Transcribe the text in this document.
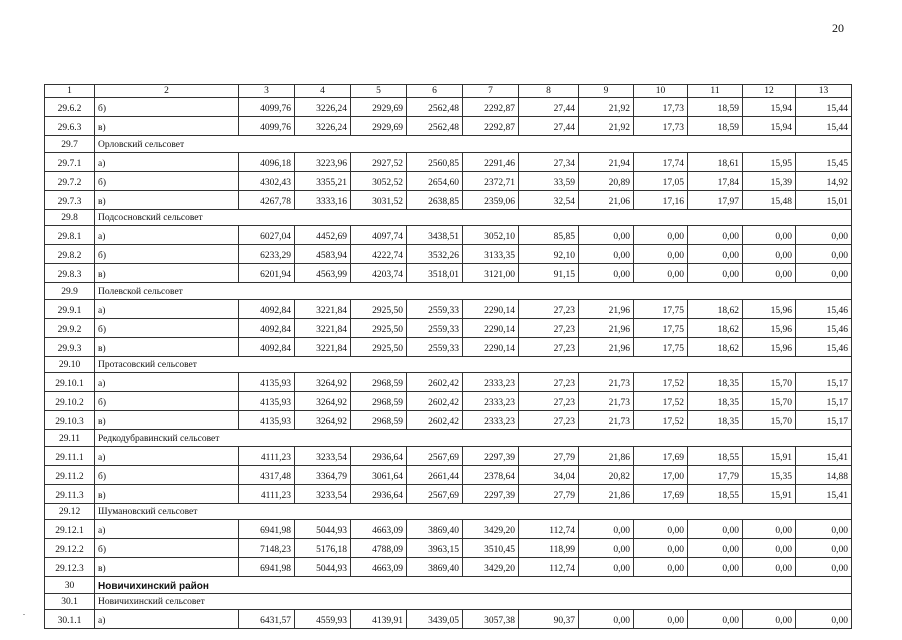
20
1	2	3	4	5	6	7	8	9	10	11	12	13
29.6.2	б)	4099,76	3226,24	2929,69	2562,48	2292,87	27,44	21,92	17,73	18,59	15,94	15,44
29.6.3	в)	4099,76	3226,24	2929,69	2562,48	2292,87	27,44	21,92	17,73	18,59	15,94	15,44
29.7	Орловский сельсовет											
29.7.1	а)	4096,18	3223,96	2927,52	2560,85	2291,46	27,34	21,94	17,74	18,61	15,95	15,45
29.7.2	б)	4302,43	3355,21	3052,52	2654,60	2372,71	33,59	20,89	17,05	17,84	15,39	14,92
29.7.3	в)	4267,78	3333,16	3031,52	2638,85	2359,06	32,54	21,06	17,16	17,97	15,48	15,01
29.8	Подсосновский сельсовет											
29.8.1	а)	6027,04	4452,69	4097,74	3438,51	3052,10	85,85	0,00	0,00	0,00	0,00	0,00
29.8.2	б)	6233,29	4583,94	4222,74	3532,26	3133,35	92,10	0,00	0,00	0,00	0,00	0,00
29.8.3	в)	6201,94	4563,99	4203,74	3518,01	3121,00	91,15	0,00	0,00	0,00	0,00	0,00
29.9	Полевской сельсовет											
29.9.1	а)	4092,84	3221,84	2925,50	2559,33	2290,14	27,23	21,96	17,75	18,62	15,96	15,46
29.9.2	б)	4092,84	3221,84	2925,50	2559,33	2290,14	27,23	21,96	17,75	18,62	15,96	15,46
29.9.3	в)	4092,84	3221,84	2925,50	2559,33	2290,14	27,23	21,96	17,75	18,62	15,96	15,46
29.10	Протасовский сельсовет											
29.10.1	а)	4135,93	3264,92	2968,59	2602,42	2333,23	27,23	21,73	17,52	18,35	15,70	15,17
29.10.2	б)	4135,93	3264,92	2968,59	2602,42	2333,23	27,23	21,73	17,52	18,35	15,70	15,17
29.10.3	в)	4135,93	3264,92	2968,59	2602,42	2333,23	27,23	21,73	17,52	18,35	15,70	15,17
29.11	Редкодубравинский сельсовет											
29.11.1	а)	4111,23	3233,54	2936,64	2567,69	2297,39	27,79	21,86	17,69	18,55	15,91	15,41
29.11.2	б)	4317,48	3364,79	3061,64	2661,44	2378,64	34,04	20,82	17,00	17,79	15,35	14,88
29.11.3	в)	4111,23	3233,54	2936,64	2567,69	2297,39	27,79	21,86	17,69	18,55	15,91	15,41
29.12	Шумановский сельсовет											
29.12.1	а)	6941,98	5044,93	4663,09	3869,40	3429,20	112,74	0,00	0,00	0,00	0,00	0,00
29.12.2	б)	7148,23	5176,18	4788,09	3963,15	3510,45	118,99	0,00	0,00	0,00	0,00	0,00
29.12.3	в)	6941,98	5044,93	4663,09	3869,40	3429,20	112,74	0,00	0,00	0,00	0,00	0,00
30	Новичихинский район											
30.1	Новичихинский сельсовет											
30.1.1	а)	6431,57	4559,93	4139,91	3439,05	3057,38	90,37	0,00	0,00	0,00	0,00	0,00
.
